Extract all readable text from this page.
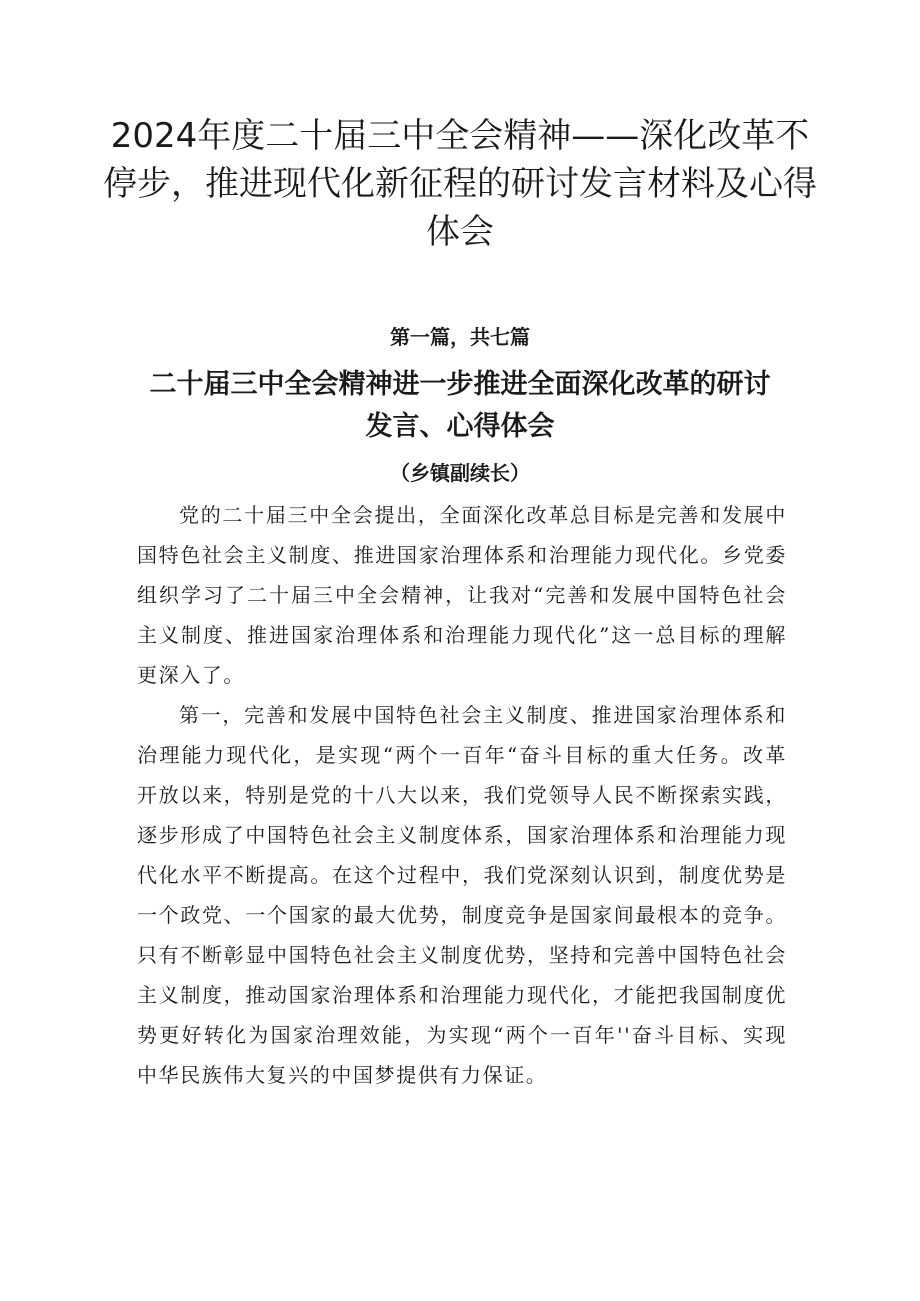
2024年度二十届三中全会精神——深化改革不停步，推进现代化新征程的研讨发言材料及心得体会
第一篇，共七篇
二十届三中全会精神进一步推进全面深化改革的研讨发言、心得体会
（乡镇副续长）

党的二十届三中全会提出，全面深化改革总目标是完善和发展中国特色社会主义制度、推进国家治理体系和治理能力现代化。乡党委组织学习了二十届三中全会精神，让我对“完善和发展中国特色社会主义制度、推进国家治理体系和治理能力现代化”这一总目标的理解更深入了。

第一，完善和发展中国特色社会主义制度、推进国家治理体系和治理能力现代化，是实现“两个一百年“奋斗目标的重大任务。改革开放以来，特别是党的十八大以来，我们党领导人民不断探索实践，逐步形成了中国特色社会主义制度体系，国家治理体系和治理能力现代化水平不断提高。在这个过程中，我们党深刻认识到，制度优势是一个政党、一个国家的最大优势，制度竞争是国家间最根本的竞争。只有不断彰显中国特色社会主义制度优势，坚持和完善中国特色社会主义制度，推动国家治理体系和治理能力现代化，才能把我国制度优势更好转化为国家治理效能，为实现“两个一百年''奋斗目标、实现中华民族伟大复兴的中国梦提供有力保证。
